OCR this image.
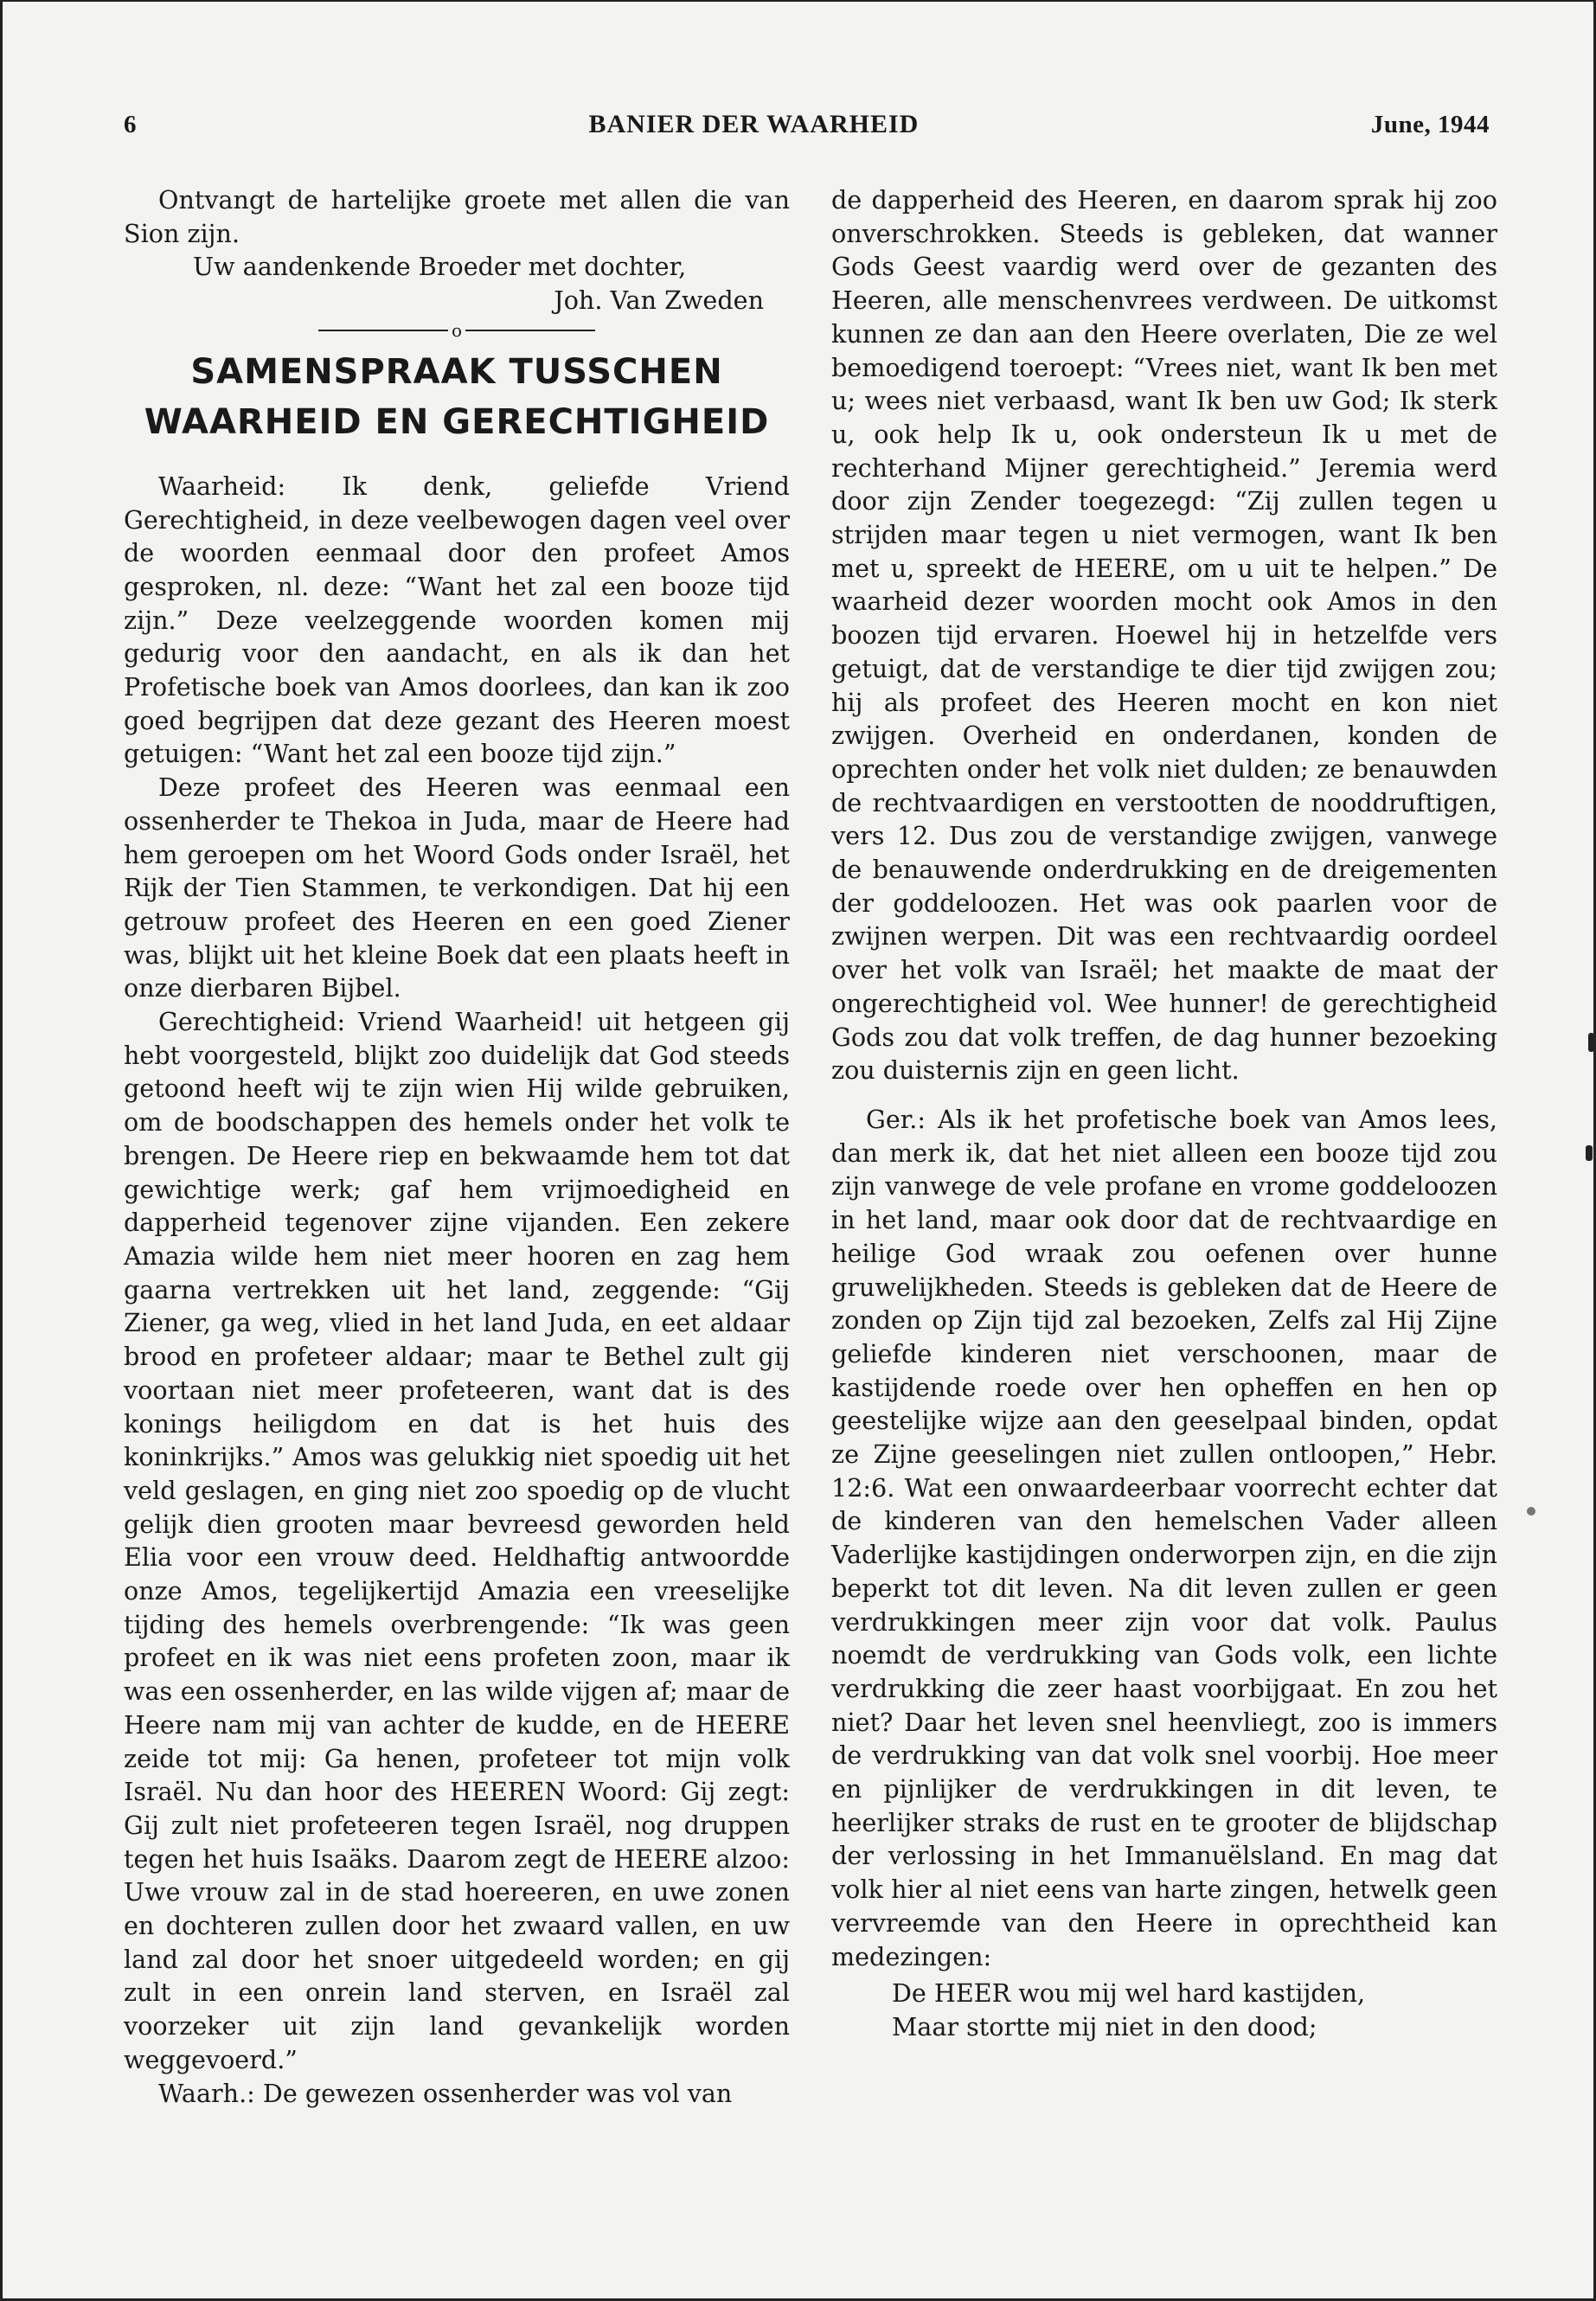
6	BANIER DER WAARHEID	June, 1944

Ontvangt de hartelijke groete met allen die van Sion zijn.

Uw aandenkende Broeder met dochter,

Joh. Van Zweden

o
SAMENSPRAAK TUSSCHEN WAARHEID EN GERECHTIGHEID

Waarheid: Ik denk, geliefde Vriend Gerechtigheid, in deze veelbewogen dagen veel over de woorden eenmaal door den profeet Amos gesproken, nl. deze: “Want het zal een booze tijd zijn.” Deze veelzeggende woorden komen mij gedurig voor den aandacht, en als ik dan het Profetische boek van Amos doorlees, dan kan ik zoo goed begrijpen dat deze gezant des Heeren moest getuigen: “Want het zal een booze tijd zijn.”

Deze profeet des Heeren was eenmaal een ossenherder te Thekoa in Juda, maar de Heere had hem geroepen om het Woord Gods onder Israël, het Rijk der Tien Stammen, te verkondigen. Dat hij een getrouw profeet des Heeren en een goed Ziener was, blijkt uit het kleine Boek dat een plaats heeft in onze dierbaren Bijbel.

Gerechtigheid: Vriend Waarheid! uit hetgeen gij hebt voorgesteld, blijkt zoo duidelijk dat God steeds getoond heeft wij te zijn wien Hij wilde gebruiken, om de boodschappen des hemels onder het volk te brengen. De Heere riep en bekwaamde hem tot dat gewichtige werk; gaf hem vrijmoedigheid en dapperheid tegenover zijne vijanden. Een zekere Amazia wilde hem niet meer hooren en zag hem gaarna vertrekken uit het land, zeggende: “Gij Ziener, ga weg, vlied in het land Juda, en eet aldaar brood en profeteer aldaar; maar te Bethel zult gij voortaan niet meer profeteeren, want dat is des konings heiligdom en dat is het huis des koninkrijks.” Amos was gelukkig niet spoedig uit het veld geslagen, en ging niet zoo spoedig op de vlucht gelijk dien grooten maar bevreesd geworden held Elia voor een vrouw deed. Heldhaftig antwoordde onze Amos, tegelijkertijd Amazia een vreeselijke tijding des hemels overbrengende: “Ik was geen profeet en ik was niet eens profeten zoon, maar ik was een ossenherder, en las wilde vijgen af; maar de Heere nam mij van achter de kudde, en de HEERE zeide tot mij: Ga henen, profeteer tot mijn volk Israël. Nu dan hoor des HEEREN Woord: Gij zegt: Gij zult niet profeteeren tegen Israël, nog druppen tegen het huis Isaäks. Daarom zegt de HEERE alzoo: Uwe vrouw zal in de stad hoereeren, en uwe zonen en dochteren zullen door het zwaard vallen, en uw land zal door het snoer uitgedeeld worden; en gij zult in een onrein land sterven, en Israël zal voorzeker uit zijn land gevankelijk worden weggevoerd.”

Waarh.: De gewezen ossenherder was vol van

de dapperheid des Heeren, en daarom sprak hij zoo onverschrokken. Steeds is gebleken, dat wanner Gods Geest vaardig werd over de gezanten des Heeren, alle menschenvrees verdween. De uitkomst kunnen ze dan aan den Heere overlaten, Die ze wel bemoedigend toeroept: “Vrees niet, want Ik ben met u; wees niet verbaasd, want Ik ben uw God; Ik sterk u, ook help Ik u, ook ondersteun Ik u met de rechterhand Mijner gerechtigheid.” Jeremia werd door zijn Zender toegezegd: “Zij zullen tegen u strijden maar tegen u niet vermogen, want Ik ben met u, spreekt de HEERE, om u uit te helpen.” De waarheid dezer woorden mocht ook Amos in den boozen tijd ervaren. Hoewel hij in hetzelfde vers getuigt, dat de verstandige te dier tijd zwijgen zou; hij als profeet des Heeren mocht en kon niet zwijgen. Overheid en onderdanen, konden de oprechten onder het volk niet dulden; ze benauwden de rechtvaardigen en verstootten de nooddruftigen, vers 12. Dus zou de verstandige zwijgen, vanwege de benauwende onderdrukking en de dreigementen der goddeloozen. Het was ook paarlen voor de zwijnen werpen. Dit was een rechtvaardig oordeel over het volk van Israël; het maakte de maat der ongerechtigheid vol. Wee hunner! de gerechtigheid Gods zou dat volk treffen, de dag hunner bezoeking zou duisternis zijn en geen licht.

Ger.: Als ik het profetische boek van Amos lees, dan merk ik, dat het niet alleen een booze tijd zou zijn vanwege de vele profane en vrome goddeloozen in het land, maar ook door dat de rechtvaardige en heilige God wraak zou oefenen over hunne gruwelijkheden. Steeds is gebleken dat de Heere de zonden op Zijn tijd zal bezoeken, Zelfs zal Hij Zijne geliefde kinderen niet verschoonen, maar de kastijdende roede over hen opheffen en hen op geestelijke wijze aan den geeselpaal binden, opdat ze Zijne geeselingen niet zullen ontloopen,” Hebr. 12:6. Wat een onwaardeerbaar voorrecht echter dat de kinderen van den hemelschen Vader alleen Vaderlijke kastijdingen onderworpen zijn, en die zijn beperkt tot dit leven. Na dit leven zullen er geen verdrukkingen meer zijn voor dat volk. Paulus noemdt de verdrukking van Gods volk, een lichte verdrukking die zeer haast voorbijgaat. En zou het niet? Daar het leven snel heenvliegt, zoo is immers de verdrukking van dat volk snel voorbij. Hoe meer en pijnlijker de verdrukkingen in dit leven, te heerlijker straks de rust en te grooter de blijdschap der verlossing in het Immanuëlsland. En mag dat volk hier al niet eens van harte zingen, hetwelk geen vervreemde van den Heere in oprechtheid kan medezingen:

De HEER wou mij wel hard kastijden,
Maar stortte mij niet in den dood;
